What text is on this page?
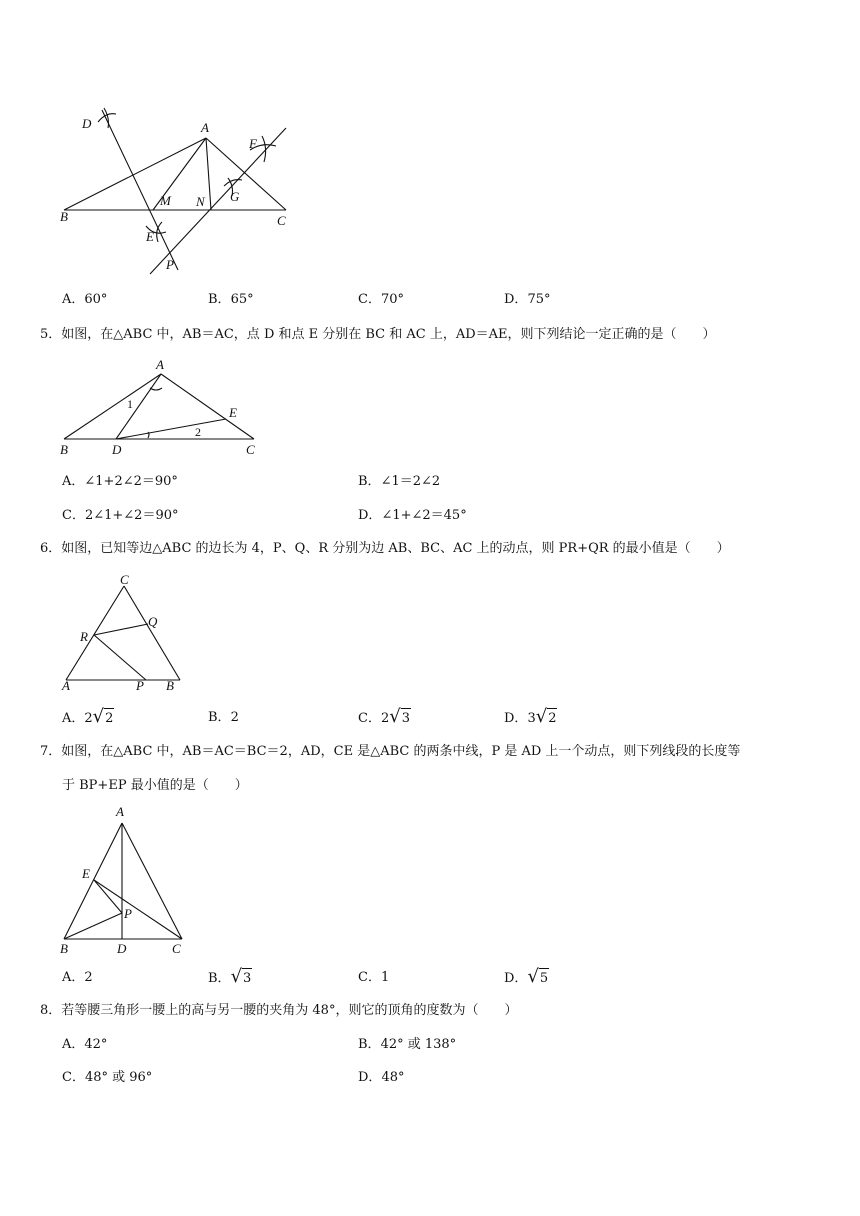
D	A
F
M N G
B	C
E
P
A．60°	B．65°	C．70°	D．75°
5．如图，在△ABC 中，AB＝AC，点 D 和点 E 分别在 BC 和 AC 上，AD＝AE，则下列结论一定正确的是（　　）
A
1
E
2
B	D	C
A．∠1+2∠2＝90°	B．∠1＝2∠2
C．2∠1+∠2＝90°	D．∠1+∠2＝45°
6．如图，已知等边△ABC 的边长为 4，P、Q、R 分别为边 AB、BC、AC 上的动点，则 PR+QR 的最小值是（　　）
C
Q
R
A	P B
A．2√2	B．2	C．2√3	D．3√2
7．如图，在△ABC 中，AB＝AC＝BC＝2，AD，CE 是△ABC 的两条中线，P 是 AD 上一个动点，则下列线段的长度等
于 BP+EP 最小值的是（　　）
A
E
P
B	D	C
A．2	B．√3	C．1	D．√5
8．若等腰三角形一腰上的高与另一腰的夹角为 48°，则它的顶角的度数为（　　）
A．42°	B．42° 或 138°
C．48° 或 96°	D．48°
